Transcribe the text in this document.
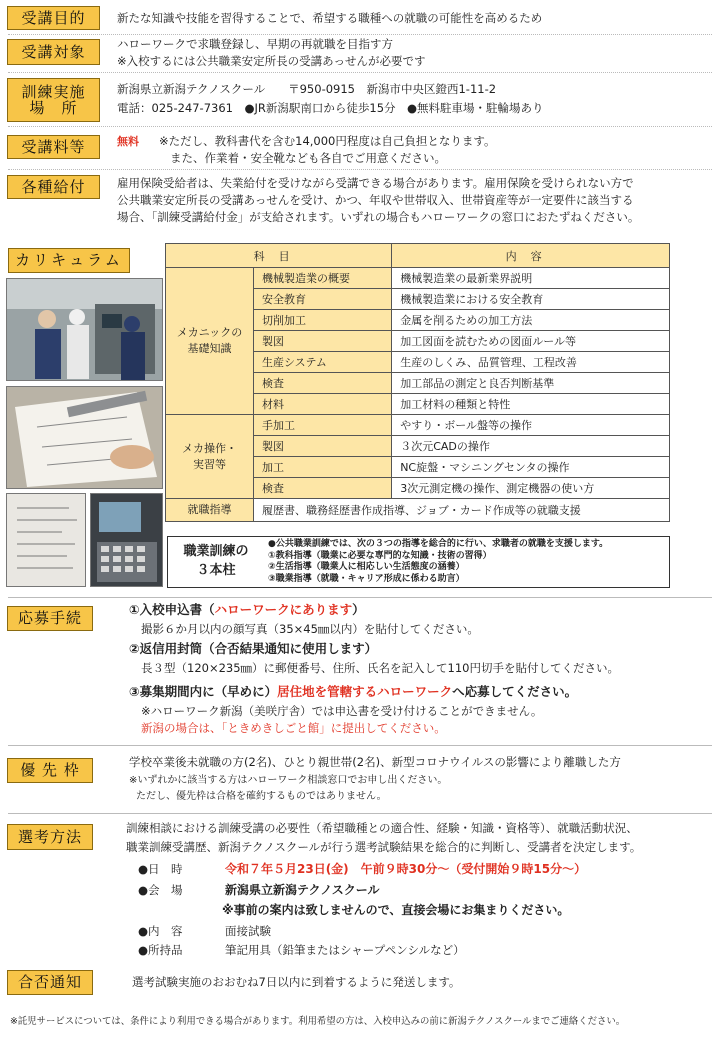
受講目的	新たな知識や技能を習得することで、希望する職種への就職の可能性を高めるため
受講対象	ハローワークで求職登録し、早期の再就職を目指す方
※入校するには公共職業安定所長の受講あっせんが必要です
訓練実施
場　所
新潟県立新潟テクノスクール　　〒950-0915　新潟市中央区鐙西1-11-2
電話：025-247-7361　●JR新潟駅南口から徒歩15分　●無料駐車場・駐輪場あり
受講料等	無料 ※ただし、教科書代を含む14,000円程度は自己負担となります。
また、作業着・安全靴なども各自でご用意ください。
各種給付	雇用保険受給者は、失業給付を受けながら受講できる場合があります。雇用保険を受けられない方で
公共職業安定所長の受講あっせんを受け、かつ、年収や世帯収入、世帯資産等が一定要件に該当する
場合、「訓練受講給付金」が支給されます。いずれの場合もハローワークの窓口におたずねください。
カリキュラム	科目		内容
メカニックの
基礎知識	機械製造業の概要	機械製造業の最新業界説明
	安全教育	機械製造業における安全教育
	切削加工	金属を削るための加工方法
	製図	加工図面を読むための図面ルール等
	生産システム	生産のしくみ、品質管理、工程改善
	検査	加工部品の測定と良否判断基準
	材料	加工材料の種類と特性
メカ操作・
実習等	手加工	やすり・ボール盤等の操作
	製図	３次元CADの操作
	加工	NC旋盤・マシニングセンタの操作
	検査	3次元測定機の操作、測定機器の使い方
就職指導	履歴書、職務経歴書作成指導、ジョブ・カード作成等の就職支援	
職業訓練の
３本柱
●公共職業訓練では、次の３つの指導を総合的に行い、求職者の就職を支援します。
①教科指導（職業に必要な専門的な知識・技術の習得）
②生活指導（職業人に相応しい生活態度の涵養）
③職業指導（就職・キャリア形成に係わる助言）
応募手続	①入校申込書（ハローワークにあります）
撮影６か月以内の顔写真（35×45㎜以内）を貼付してください。
②返信用封筒（合否結果通知に使用します）
長３型（120×235㎜）に郵便番号、住所、氏名を記入して110円切手を貼付してください。
③募集期間内に（早めに）居住地を管轄するハローワークへ応募してください。
※ハローワーク新潟（美咲庁舎）では申込書を受け付けることができません。
新潟の場合は、「ときめきしごと館」に提出してください。
優 先 枠	学校卒業後未就職の方(2名)、ひとり親世帯(2名)、新型コロナウイルスの影響により離職した方
※いずれかに該当する方はハローワーク相談窓口でお申し出ください。
ただし、優先枠は合格を確約するものではありません。
選考方法	訓練相談における訓練受講の必要性（希望職種との適合性、経験・知識・資格等）、就職活動状況、
職業訓練受講歴、新潟テクノスクールが行う選考試験結果を総合的に判断し、受講者を決定します。
●日　時	令和７年５月23日(金)　午前９時30分～（受付開始９時15分～）
●会　場	新潟県立新潟テクノスクール
※事前の案内は致しませんので、直接会場にお集まりください。
●内　容	面接試験
●所持品	筆記用具（鉛筆またはシャープペンシルなど）
合否通知	選考試験実施のおおむね7日以内に到着するように発送します。
※託児サービスについては、条件により利用できる場合があります。利用希望の方は、入校申込みの前に新潟テクノスクールまでご連絡ください。
